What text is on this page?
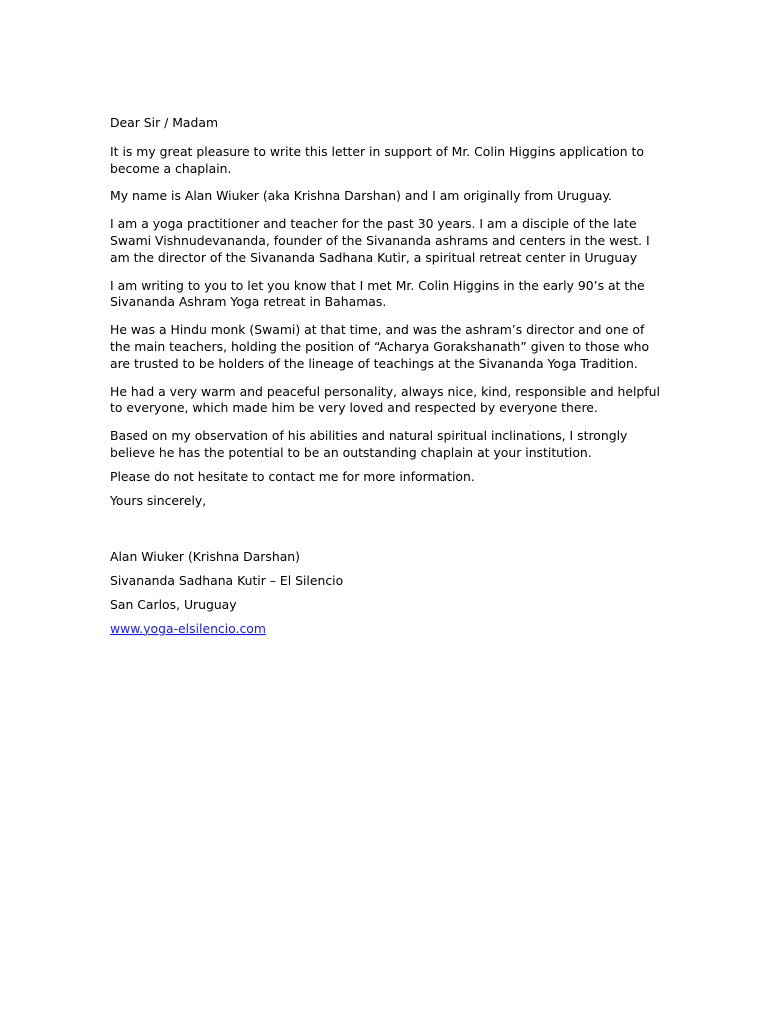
Dear Sir / Madam

It is my great pleasure to write this letter in support of Mr. Colin Higgins application to become a chaplain.

My name is Alan Wiuker (aka Krishna Darshan) and I am originally from Uruguay.

I am a yoga practitioner and teacher for the past 30 years. I am a disciple of the late Swami Vishnudevananda, founder of the Sivananda ashrams and centers in the west. I am the director of the Sivananda Sadhana Kutir, a spiritual retreat center in Uruguay

I am writing to you to let you know that I met Mr. Colin Higgins in the early 90’s at the Sivananda Ashram Yoga retreat in Bahamas.

He was a Hindu monk (Swami) at that time, and was the ashram’s director and one of the main teachers, holding the position of “Acharya Gorakshanath” given to those who are trusted to be holders of the lineage of teachings at the Sivananda Yoga Tradition.

He had a very warm and peaceful personality, always nice, kind, responsible and helpful to everyone, which made him be very loved and respected by everyone there.

Based on my observation of his abilities and natural spiritual inclinations, I strongly believe he has the potential to be an outstanding chaplain at your institution.

Please do not hesitate to contact me for more information.

Yours sincerely,

Alan Wiuker (Krishna Darshan)

Sivananda Sadhana Kutir – El Silencio

San Carlos, Uruguay

www.yoga-elsilencio.com
